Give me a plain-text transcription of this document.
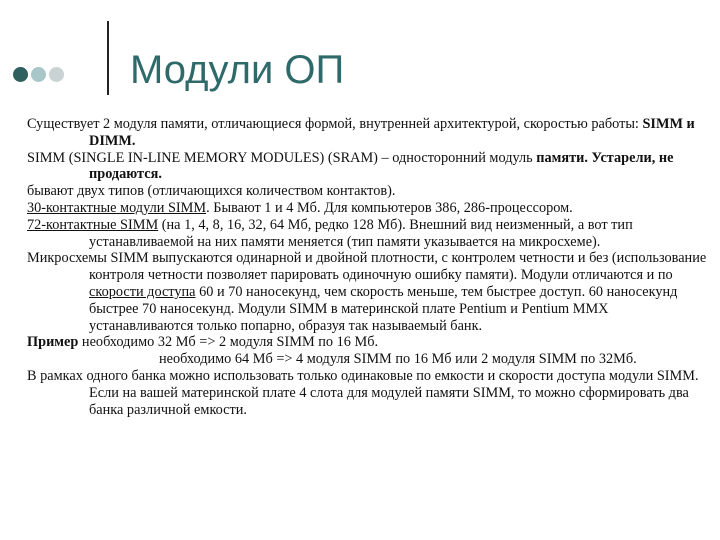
Модули ОП

Существует 2 модуля памяти, отличающиеся формой, внутренней архитектурой, скоростью работы: SIMM и DIMM.

SIMM (SINGLE IN-LINE MEMORY MODULES) (SRAM) – односторонний модуль памяти. Устарели, не продаются.

бывают двух типов (отличающихся количеством контактов).

30-контактные модули SIMM. Бывают 1 и 4 Мб. Для компьютеров 386, 286-процессором.

72-контактные SIMM (на 1, 4, 8, 16, 32, 64 Мб, редко 128 Мб). Внешний вид неизменный, а вот тип устанавливаемой на них памяти меняется (тип памяти указывается на микросхеме).

Микросхемы SIMM выпускаются одинарной и двойной плотности, с контролем четности и без (использование контроля четности позволяет парировать одиночную ошибку памяти). Модули отличаются и по скорости доступа 60 и 70 наносекунд, чем скорость меньше, тем быстрее доступ. 60 наносекунд быстрее 70 наносекунд. Модули SIMM в материнской плате Pentium и Pentium MMX устанавливаются только попарно, образуя так называемый банк.

Пример необходимо 32 Мб => 2 модуля SIMM по 16 Мб.
необходимо 64 Мб => 4 модуля SIMM по 16 Мб или 2 модуля SIMM по 32Мб.

В рамках одного банка можно использовать только одинаковые по емкости и скорости доступа модули SIMM. Если на вашей материнской плате 4 слота для модулей памяти SIMM, то можно сформировать два банка различной емкости.
